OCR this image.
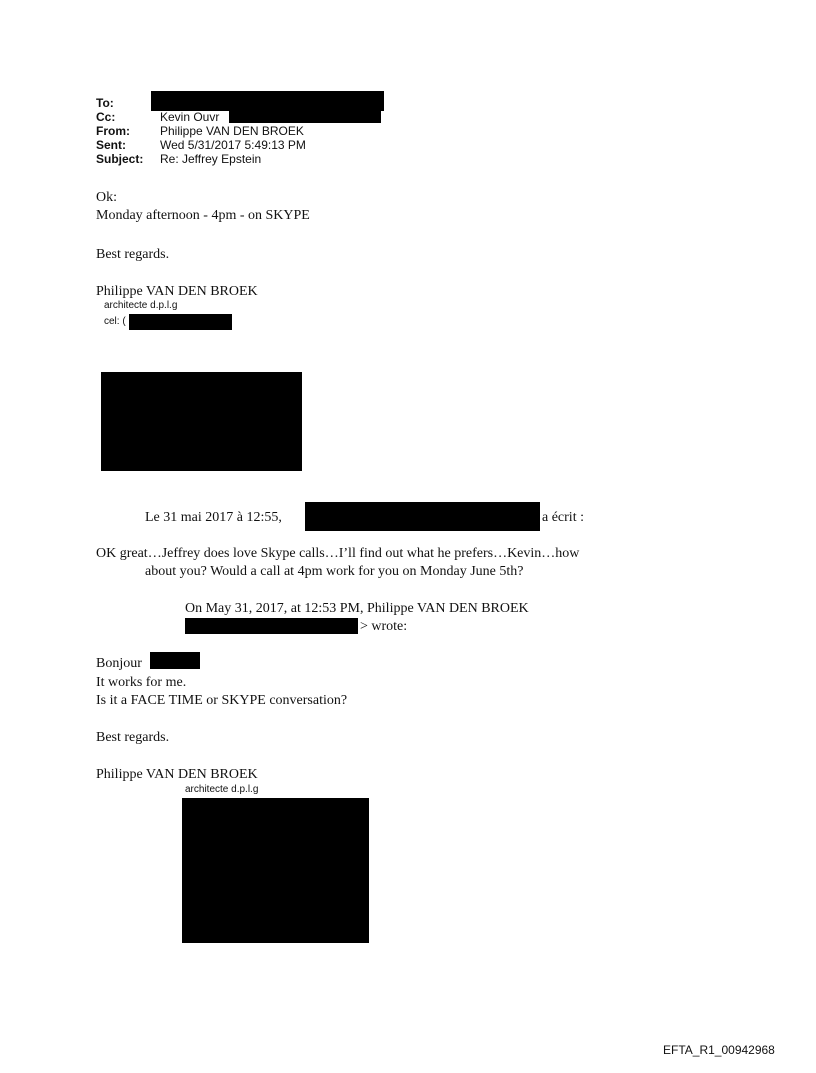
To:
Cc:	Kevin Ouvr
From:	Philippe VAN DEN BROEK
Sent:	Wed 5/31/2017 5:49:13 PM
Subject: Re: Jeffrey Epstein
Ok:
Monday afternoon - 4pm - on SKYPE
Best regards.
Philippe VAN DEN BROEK
architecte d.p.l.g
cel: (
Le 31 mai 2017 à 12:55,	a écrit :
OK great…Jeffrey does love Skype calls…I’ll find out what he prefers…Kevin…how
about you? Would a call at 4pm work for you on Monday June 5th?
On May 31, 2017, at 12:53 PM, Philippe VAN DEN BROEK
> wrote:
Bonjour
It works for me.
Is it a FACE TIME or SKYPE conversation?
Best regards.
Philippe VAN DEN BROEK
architecte d.p.l.g
EFTA_R1_00942968
